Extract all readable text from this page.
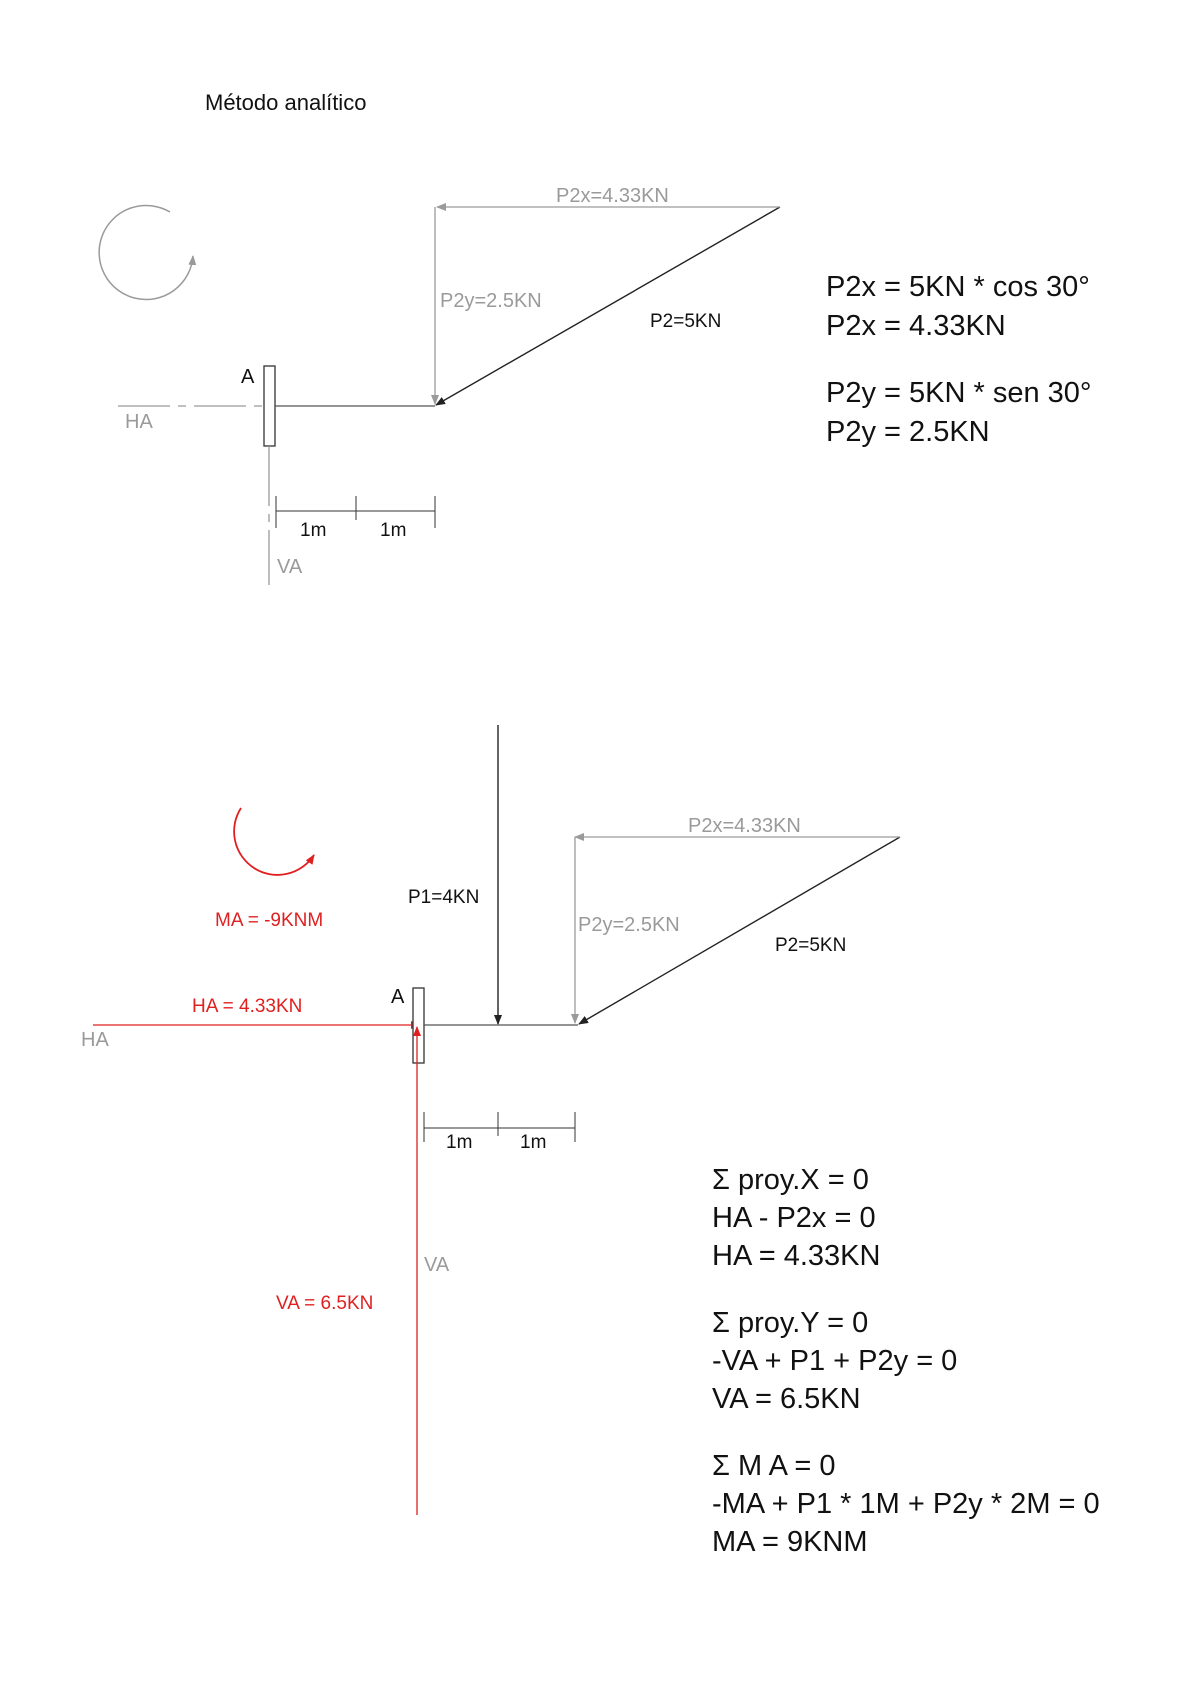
Método analítico
HA
A
VA
P2=5KN
P2x=4.33KN
P2y=2.5KN
1m	1m
MA = -9KNM
HA = 4.33KN
HA
A
VA
VA = 6.5KN
P1=4KN
P2=5KN
P2x=4.33KN
P2y=2.5KN
1m	1m
P2x = 5KN * cos 30°
P2x = 4.33KN
P2y = 5KN * sen 30°
P2y = 2.5KN
Σ proy.X = 0
HA - P2x = 0
HA = 4.33KN
Σ proy.Y = 0
-VA + P1 + P2y = 0
VA = 6.5KN
Σ M A = 0
-MA + P1 * 1M + P2y * 2M = 0
MA = 9KNM
